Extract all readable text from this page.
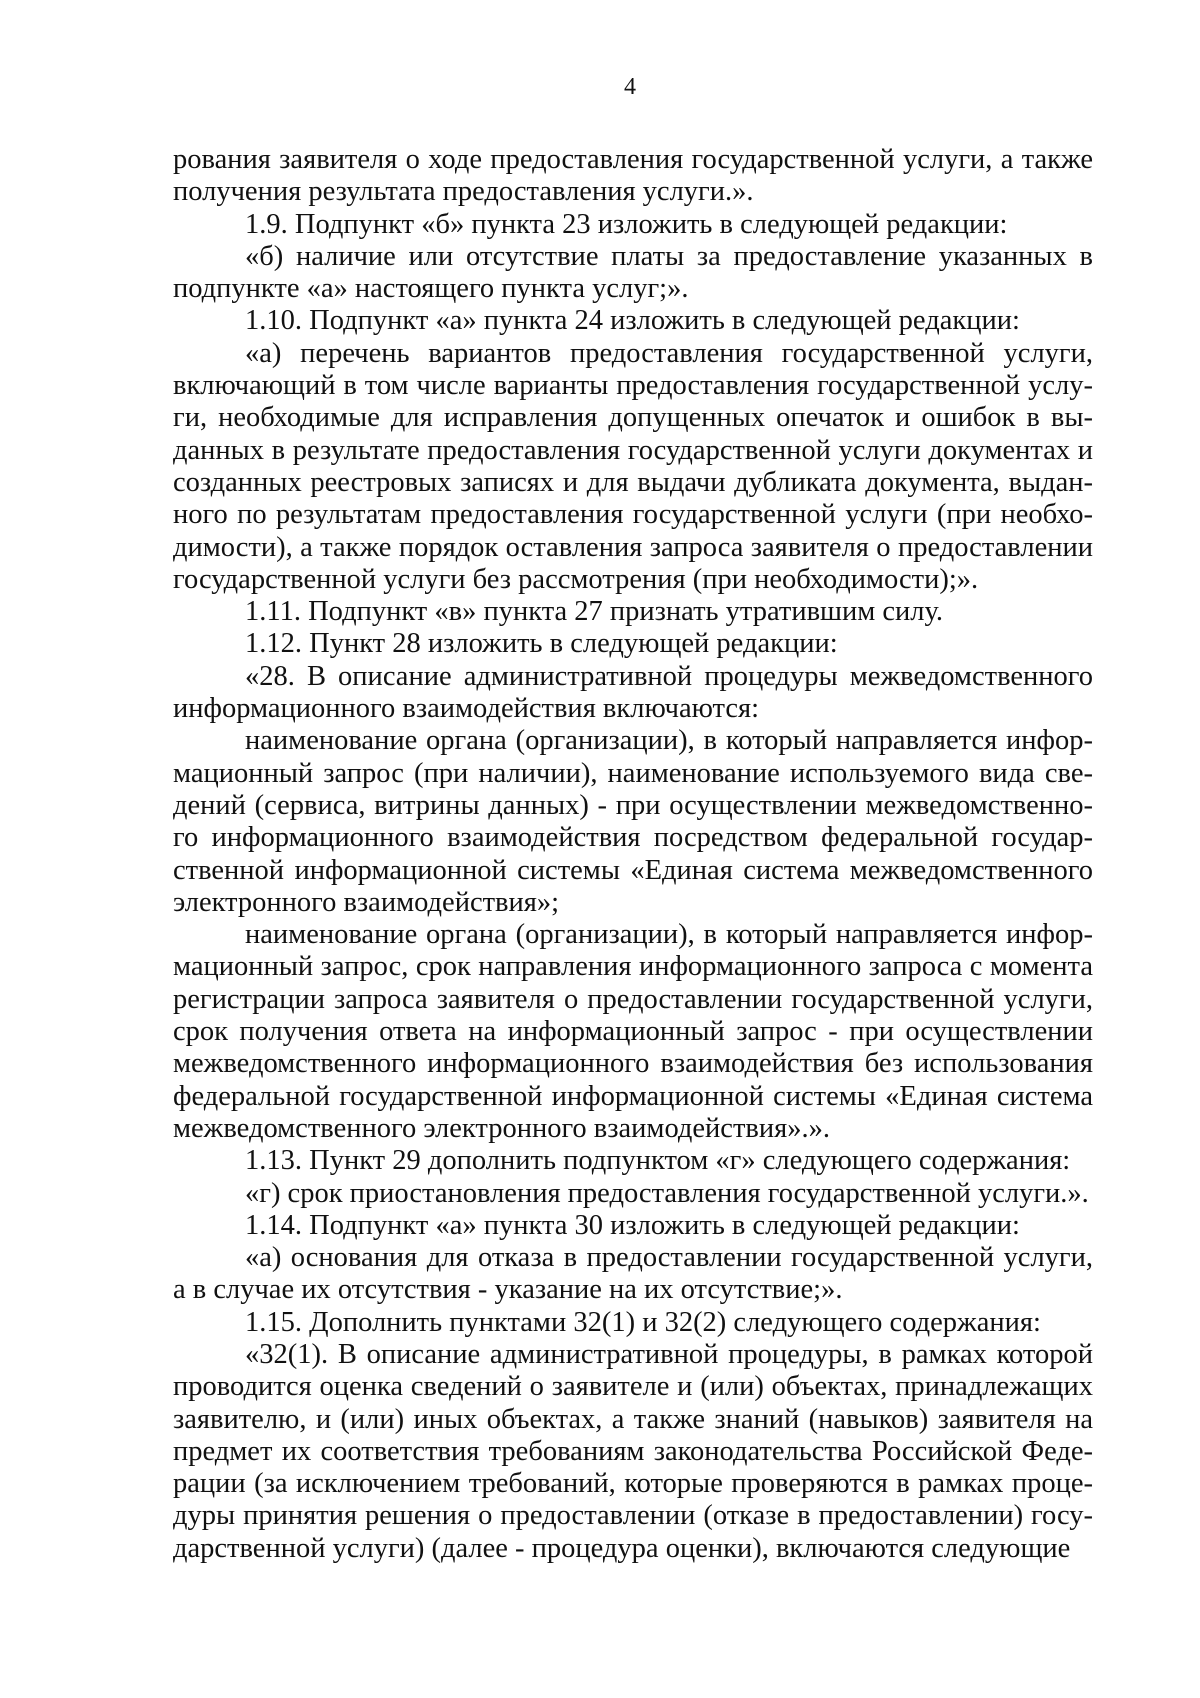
4

рования заявителя о ходе предоставления государственной услуги, а также получения результата предоставления услуги.».

1.9. Подпункт «б» пункта 23 изложить в следующей редакции:

«б) наличие или отсутствие платы за предоставление указанных в подпункте «а» настоящего пункта услуг;».

1.10. Подпункт «а» пункта 24 изложить в следующей редакции:

«а) перечень вариантов предоставления государственной услуги, включающий в том числе варианты предоставления государственной услуги, необходимые для исправления допущенных опечаток и ошибок в выданных в результате предоставления государственной услуги документах и созданных реестровых записях и для выдачи дубликата документа, выданного по результатам предоставления государственной услуги (при необходимости), а также порядок оставления запроса заявителя о предоставлении государственной услуги без рассмотрения (при необходимости);».

1.11. Подпункт «в» пункта 27 признать утратившим силу.

1.12. Пункт 28 изложить в следующей редакции:

«28. В описание административной процедуры межведомственного информационного взаимодействия включаются:

наименование органа (организации), в который направляется информационный запрос (при наличии), наименование используемого вида сведений (сервиса, витрины данных) - при осуществлении межведомственного информационного взаимодействия посредством федеральной государственной информационной системы «Единая система межведомственного электронного взаимодействия»;

наименование органа (организации), в который направляется информационный запрос, срок направления информационного запроса с момента регистрации запроса заявителя о предоставлении государственной услуги, срок получения ответа на информационный запрос - при осуществлении межведомственного информационного взаимодействия без использования федеральной государственной информационной системы «Единая система межведомственного электронного взаимодействия».».

1.13. Пункт 29 дополнить подпунктом «г» следующего содержания:

«г) срок приостановления предоставления государственной услуги.».

1.14. Подпункт «а» пункта 30 изложить в следующей редакции:

«а) основания для отказа в предоставлении государственной услуги, а в случае их отсутствия - указание на их отсутствие;».

1.15. Дополнить пунктами 32(1) и 32(2) следующего содержания:

«32(1). В описание административной процедуры, в рамках которой проводится оценка сведений о заявителе и (или) объектах, принадлежащих заявителю, и (или) иных объектах, а также знаний (навыков) заявителя на предмет их соответствия требованиям законодательства Российской Федерации (за исключением требований, которые проверяются в рамках процедуры принятия решения о предоставлении (отказе в предоставлении) государственной услуги) (далее - процедура оценки), включаются следующие
